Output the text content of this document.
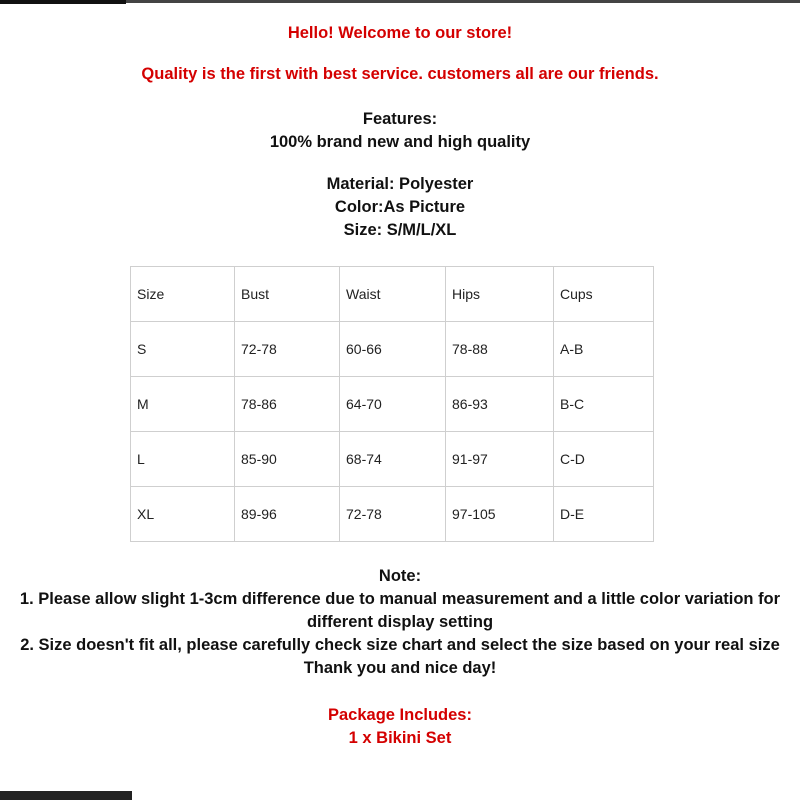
Hello! Welcome to our store!
Quality is the first with best service. customers all are our friends.
Features:
100% brand new and high quality
Material: Polyester
Color:As Picture
Size: S/M/L/XL
Size	Bust	Waist	Hips	Cups
S	72-78	60-66	78-88	A-B
M	78-86	64-70	86-93	B-C
L	85-90	68-74	91-97	C-D
XL	89-96	72-78	97-105	D-E
Note:
1. Please allow slight 1-3cm difference due to manual measurement and a little color variation for
different display setting
2. Size doesn't fit all, please carefully check size chart and select the size based on your real size
Thank you and nice day!
Package Includes:
1 x Bikini Set
